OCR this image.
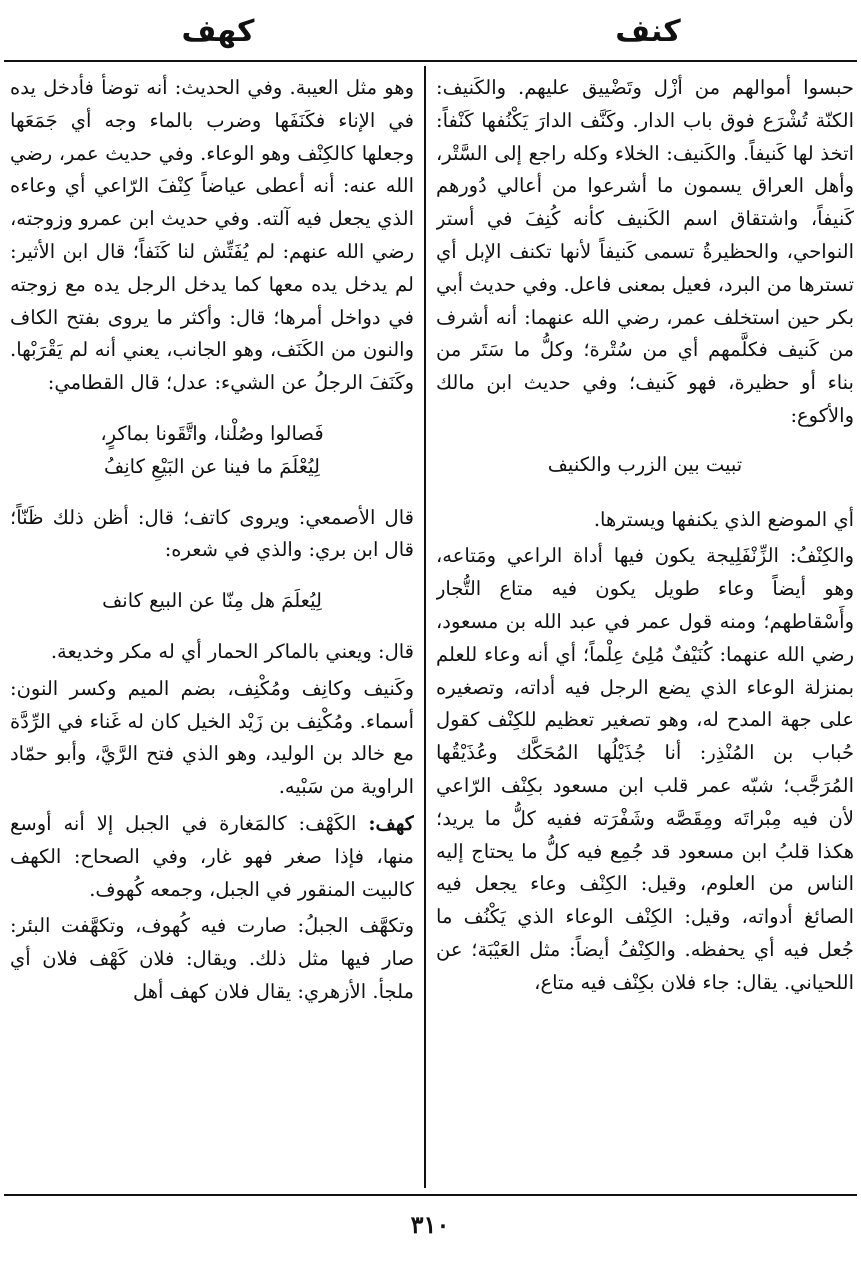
كنف
كهف

حبسوا أموالهم من أزْل وتَضْييق عليهم. والكَنيف: الكنّة تُشْرَع فوق باب الدار. وكَنَّف الدارَ يَكْنُفها كَنْفاً: اتخذ لها كَنيفاً. والكَنيف: الخلاء وكله راجع إلى السَّتْر، وأهل العراق يسمون ما أشرعوا من أعالي دُورهم كَنيفاً، واشتقاق اسم الكَنيف كأنه كُنِفَ في أستر النواحي، والحظيرةُ تسمى كَنيفاً لأنها تكنف الإبل أي تسترها من البرد، فعيل بمعنى فاعل. وفي حديث أبي بكر حين استخلف عمر، رضي الله عنهما: أنه أشرف من كَنيف فكلَّمهم أي من سُتْرة؛ وكلُّ ما سَتَر من بناء أو حظيرة، فهو كَنيف؛ وفي حديث ابن مالك والأكوع:

تبيت بين الزرب والكنيف

أي الموضع الذي يكنفها ويسترها.

والكِنْفُ: الزِّنْفَلِيجة يكون فيها أداة الراعي ومَتاعه، وهو أيضاً وعاء طويل يكون فيه متاع التُّجار وأَسْقاطهم؛ ومنه قول عمر في عبد الله بن مسعود، رضي الله عنهما: كُنَيْفٌ مُلِئ عِلْماً؛ أي أنه وعاء للعلم بمنزلة الوعاء الذي يضع الرجل فيه أداته، وتصغيره على جهة المدح له، وهو تصغير تعظيم للكِنْف كقول حُباب بن المُنْذِر: أنا جُذَيْلُها المُحَكَّك وعُذَيْقُها المُرَجَّب؛ شبّه عمر قلب ابن مسعود بكِنْف الرّاعي لأن فيه مِبْراتَه ومِقَصَّه وشَفْرَته ففيه كلُّ ما يريد؛ هكذا قلبُ ابن مسعود قد جُمِع فيه كلُّ ما يحتاج إليه الناس من العلوم، وقيل: الكِنْف وعاء يجعل فيه الصائغ أدواته، وقيل: الكِنْف الوعاء الذي يَكْنُف ما جُعل فيه أي يحفظه. والكِنْفُ أيضاً: مثل العَيْبَة؛ عن اللحياني. يقال: جاء فلان بكِنْف فيه متاع،

وهو مثل العيبة. وفي الحديث: أنه توضأ فأدخل يده في الإناء فكَنَفَها وضرب بالماء وجه أي جَمَعَها وجعلها كالكِنْف وهو الوعاء. وفي حديث عمر، رضي الله عنه: أنه أعطى عياضاً كِنْفَ الرّاعي أي وعاءه الذي يجعل فيه آلته. وفي حديث ابن عمرو وزوجته، رضي الله عنهم: لم يُفَتِّش لنا كَنَفاً؛ قال ابن الأثير: لم يدخل يده معها كما يدخل الرجل يده مع زوجته في دواخل أمرها؛ قال: وأكثر ما يروى بفتح الكاف والنون من الكَنَف، وهو الجانب، يعني أنه لم يَقْرَبْها. وكَنَفَ الرجلُ عن الشيء: عدل؛ قال القطامي:

فَصالوا وصُلْنا، واتَّقَونا بماكرٍ،
لِيُعْلَمَ ما فينا عن البَيْعِ كانِفُ

قال الأصمعي: ويروى كاتف؛ قال: أظن ذلك ظَنّاً؛ قال ابن بري: والذي في شعره:

لِيُعلَمَ هل مِنّا عن البيع كانف

قال: ويعني بالماكر الحمار أي له مكر وخديعة.

وكَنيف وكانِف ومُكْنِف، بضم الميم وكسر النون: أسماء. ومُكْنِف بن زَيْد الخيل كان له غَناء في الرِّدَّة مع خالد بن الوليد، وهو الذي فتح الرَّيَّ، وأبو حمّاد الراوية من سَبْيه.

كهف: الكَهْف: كالمَغارة في الجبل إلا أنه أوسع منها، فإذا صغر فهو غار، وفي الصحاح: الكهف كالبيت المنقور في الجبل، وجمعه كُهوف.

وتكهَّف الجبلُ: صارت فيه كُهوف، وتكهَّفت البئر: صار فيها مثل ذلك. ويقال: فلان كَهْف فلان أي ملجأ. الأزهري: يقال فلان كهف أهل

٣١٠
